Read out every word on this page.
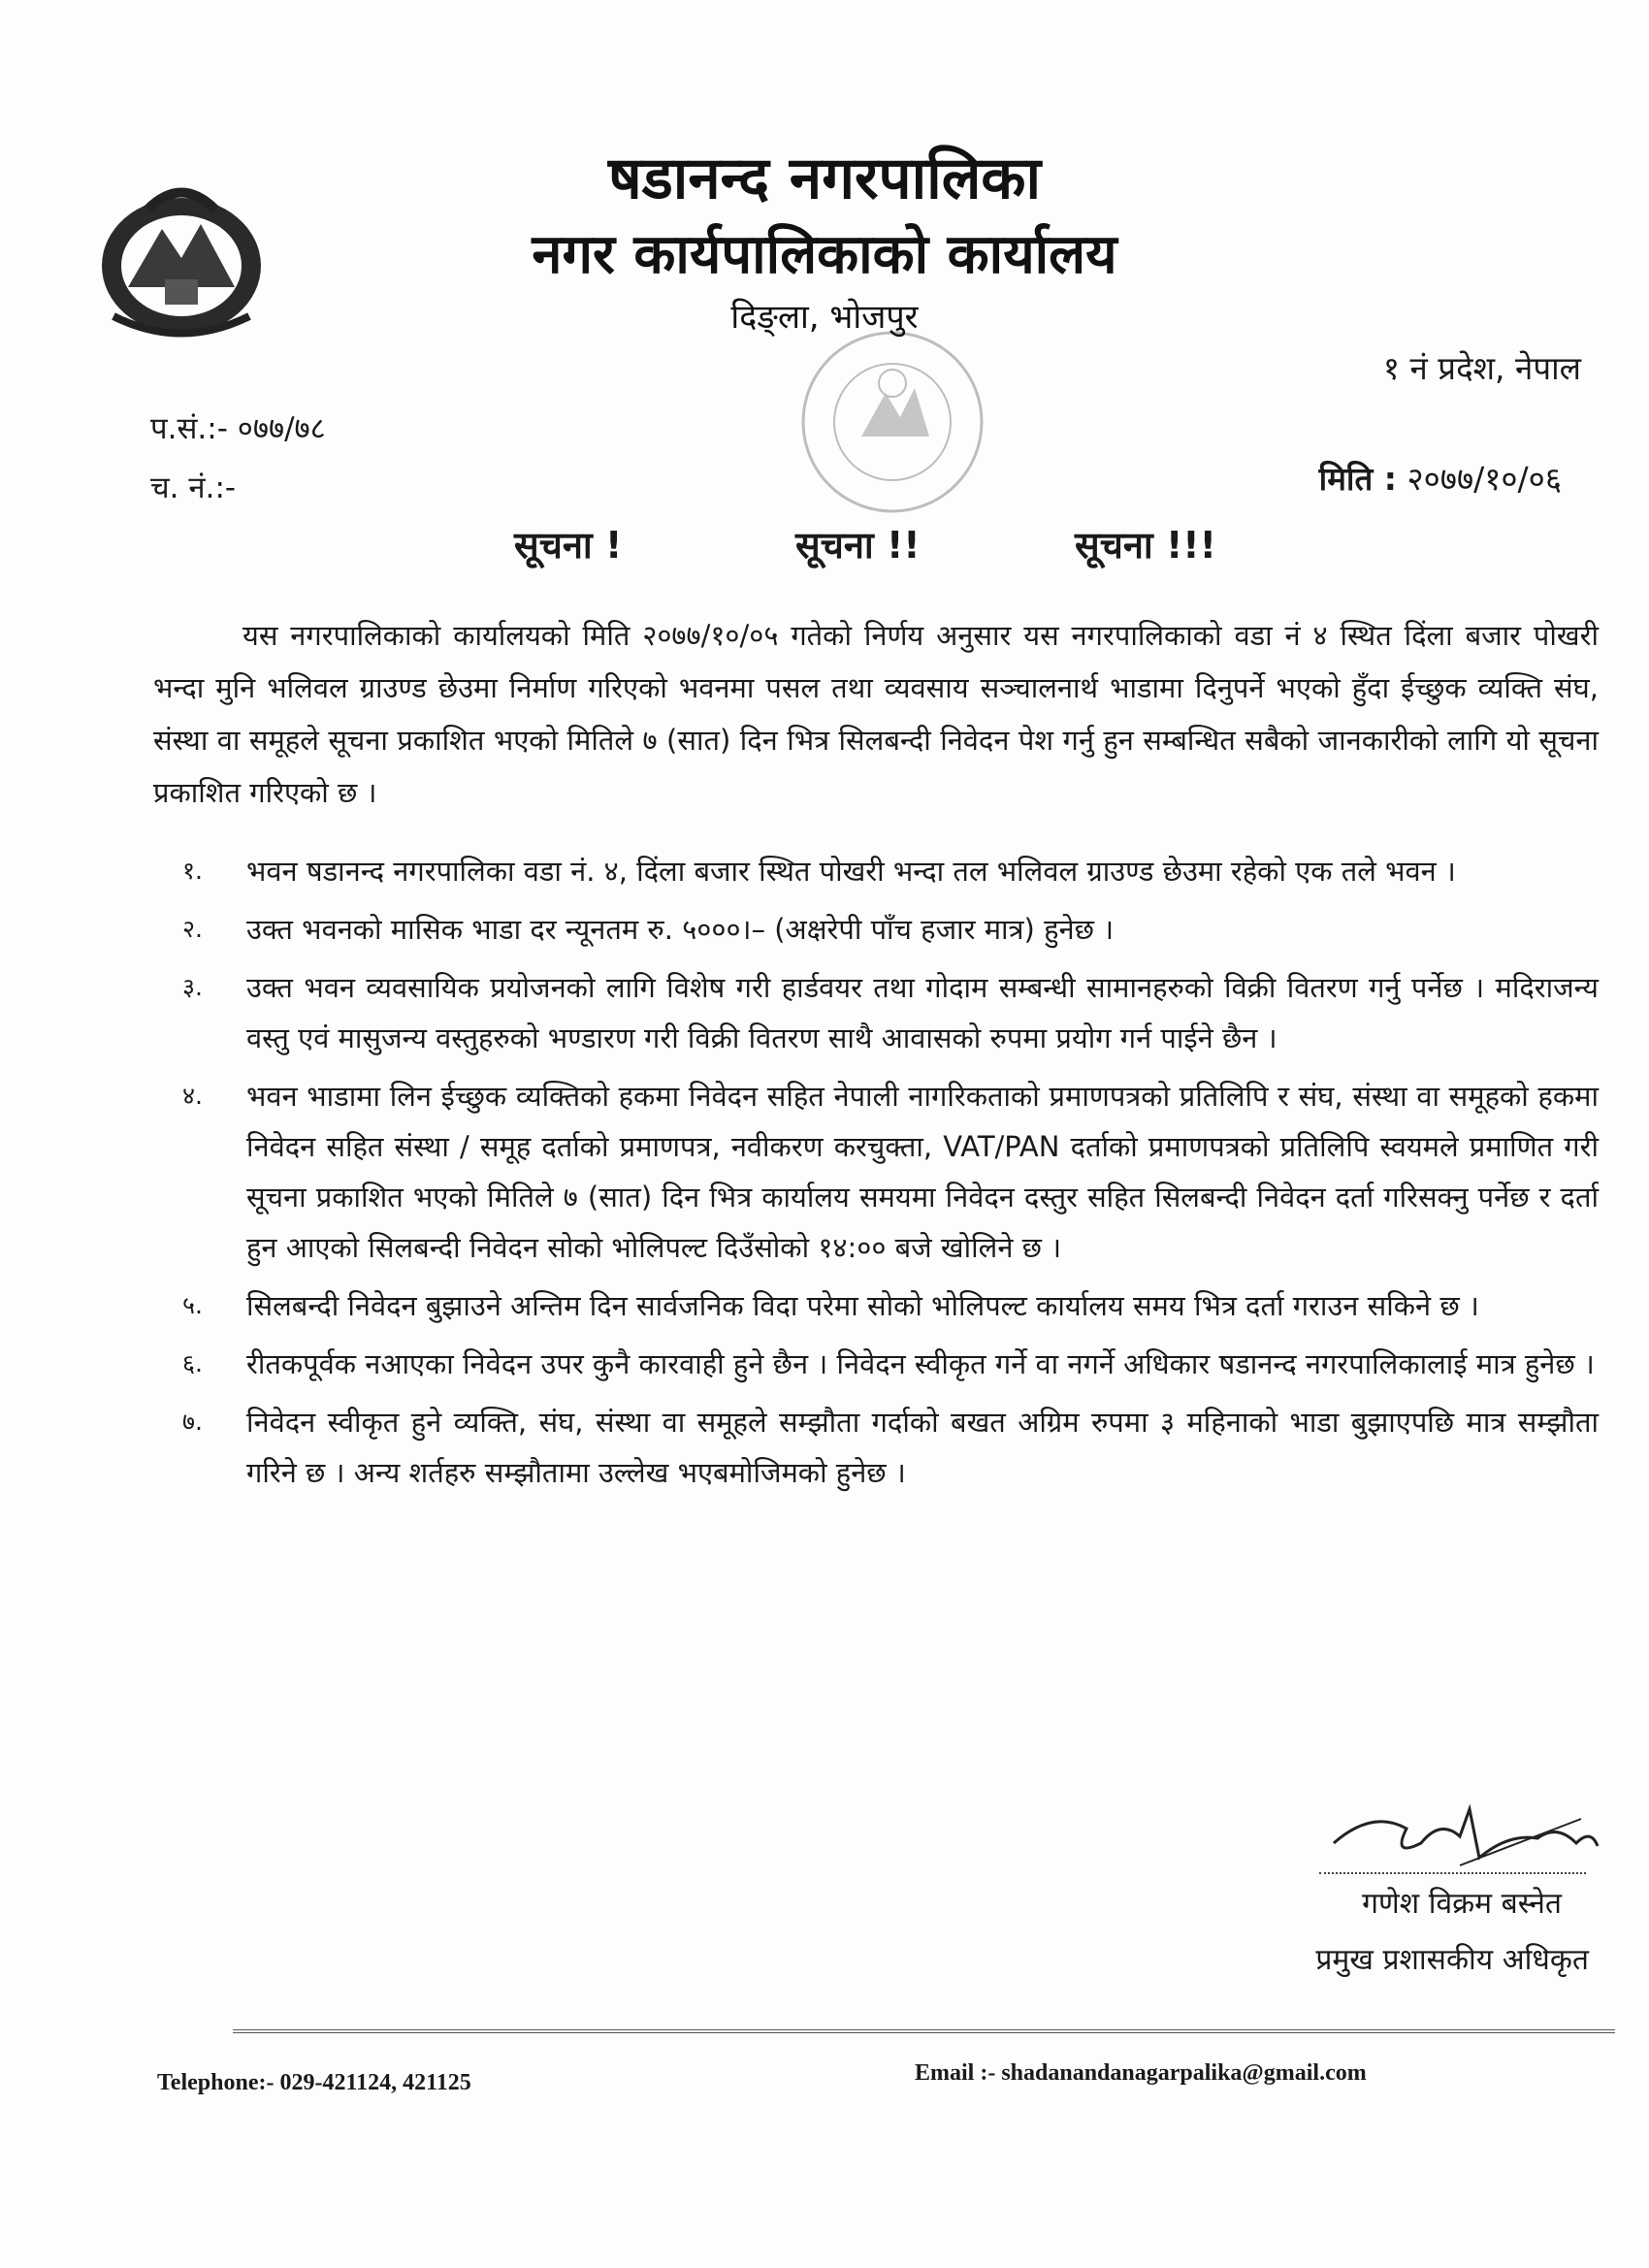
षडानन्द नगरपालिका
नगर कार्यपालिकाको कार्यालय
दिङ्ला, भोजपुर
१ नं प्रदेश, नेपाल
प.सं.:- ०७७/७८
च. नं.:-	मिति : २०७७/१०/०६
सूचना !	सूचना !!	सूचना !!!

यस नगरपालिकाको कार्यालयको मिति २०७७/१०/०५ गतेको निर्णय अनुसार यस नगरपालिकाको वडा नं ४ स्थित दिंला बजार पोखरी भन्दा मुनि भलिवल ग्राउण्ड छेउमा निर्माण गरिएको भवनमा पसल तथा व्यवसाय सञ्चालनार्थ भाडामा दिनुपर्ने भएको हुँदा ईच्छुक व्यक्ति संघ, संस्था वा समूहले सूचना प्रकाशित भएको मितिले ७ (सात) दिन भित्र सिलबन्दी निवेदन पेश गर्नु हुन सम्बन्धित सबैको जानकारीको लागि यो सूचना प्रकाशित गरिएको छ ।

१. भवन षडानन्द नगरपालिका वडा नं. ४, दिंला बजार स्थित पोखरी भन्दा तल भलिवल ग्राउण्ड छेउमा रहेको एक तले भवन ।
२. उक्त भवनको मासिक भाडा दर न्यूनतम रु. ५०००।– (अक्षरेपी पाँच हजार मात्र) हुनेछ ।
३. उक्त भवन व्यवसायिक प्रयोजनको लागि विशेष गरी हार्डवयर तथा गोदाम सम्बन्धी सामानहरुको विक्री वितरण गर्नु पर्नेछ । मदिराजन्य वस्तु एवं मासुजन्य वस्तुहरुको भण्डारण गरी विक्री वितरण साथै आवासको रुपमा प्रयोग गर्न पाईने छैन ।
४. भवन भाडामा लिन ईच्छुक व्यक्तिको हकमा निवेदन सहित नेपाली नागरिकताको प्रमाणपत्रको प्रतिलिपि र संघ, संस्था वा समूहको हकमा निवेदन सहित संस्था / समूह दर्ताको प्रमाणपत्र, नवीकरण करचुक्ता, VAT/PAN दर्ताको प्रमाणपत्रको प्रतिलिपि स्वयमले प्रमाणित गरी सूचना प्रकाशित भएको मितिले ७ (सात) दिन भित्र कार्यालय समयमा निवेदन दस्तुर सहित सिलबन्दी निवेदन दर्ता गरिसक्नु पर्नेछ र दर्ता हुन आएको सिलबन्दी निवेदन सोको भोलिपल्ट दिउँसोको १४:०० बजे खोलिने छ ।
५. सिलबन्दी निवेदन बुझाउने अन्तिम दिन सार्वजनिक विदा परेमा सोको भोलिपल्ट कार्यालय समय भित्र दर्ता गराउन सकिने छ ।
६. रीतकपूर्वक नआएका निवेदन उपर कुनै कारवाही हुने छैन । निवेदन स्वीकृत गर्ने वा नगर्ने अधिकार षडानन्द नगरपालिकालाई मात्र हुनेछ ।
७. निवेदन स्वीकृत हुने व्यक्ति, संघ, संस्था वा समूहले सम्झौता गर्दाको बखत अग्रिम रुपमा ३ महिनाको भाडा बुझाएपछि मात्र सम्झौता गरिने छ । अन्य शर्तहरु सम्झौतामा उल्लेख भएबमोजिमको हुनेछ ।
गणेश विक्रम बस्नेत
प्रमुख प्रशासकीय अधिकृत
Telephone:- 029-421124, 421125	Email :- shadanandanagarpalika@gmail.com
